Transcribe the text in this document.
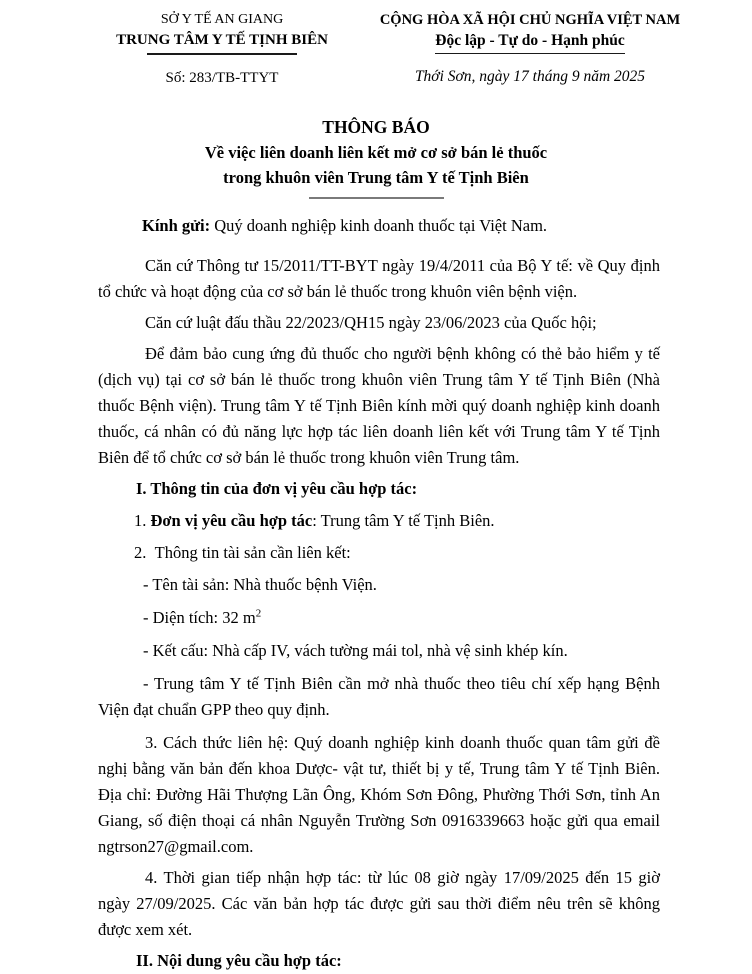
SỞ Y TẾ AN GIANG
TRUNG TÂM Y TẾ TỊNH BIÊN
Số: 283/TB-TTYT
CỘNG HÒA XÃ HỘI CHỦ NGHĨA VIỆT NAM
Độc lập - Tự do - Hạnh phúc
Thới Sơn, ngày 17 tháng 9 năm 2025
THÔNG BÁO
Về việc liên doanh liên kết mở cơ sở bán lẻ thuốc
trong khuôn viên Trung tâm Y tế Tịnh Biên

Kính gửi: Quý doanh nghiệp kinh doanh thuốc tại Việt Nam.

Căn cứ Thông tư 15/2011/TT-BYT ngày 19/4/2011 của Bộ Y tế: về Quy định tổ chức và hoạt động của cơ sở bán lẻ thuốc trong khuôn viên bệnh viện.

Căn cứ luật đấu thầu 22/2023/QH15 ngày 23/06/2023 của Quốc hội;

Để đảm bảo cung ứng đủ thuốc cho người bệnh không có thẻ bảo hiểm y tế (dịch vụ) tại cơ sở bán lẻ thuốc trong khuôn viên Trung tâm Y tế Tịnh Biên (Nhà thuốc Bệnh viện). Trung tâm Y tế Tịnh Biên kính mời quý doanh nghiệp kinh doanh thuốc, cá nhân có đủ năng lực hợp tác liên doanh liên kết với Trung tâm Y tế Tịnh Biên để tổ chức cơ sở bán lẻ thuốc trong khuôn viên Trung tâm.

I. Thông tin của đơn vị yêu cầu hợp tác:

1. Đơn vị yêu cầu hợp tác: Trung tâm Y tế Tịnh Biên.

2.  Thông tin tài sản cần liên kết:

- Tên tài sản: Nhà thuốc bệnh Viện.

- Diện tích: 32 $m^2$

- Kết cấu: Nhà cấp IV, vách tường mái tol, nhà vệ sinh khép kín.

- Trung tâm Y tế Tịnh Biên cần mở nhà thuốc theo tiêu chí xếp hạng Bệnh Viện đạt chuẩn GPP theo quy định.

3. Cách thức liên hệ: Quý doanh nghiệp kinh doanh thuốc quan tâm gửi đề nghị bằng văn bản đến khoa Dược- vật tư, thiết bị y tế, Trung tâm Y tế Tịnh Biên. Địa chỉ: Đường Hãi Thượng Lãn Ông, Khóm Sơn Đông, Phường Thới Sơn, tỉnh An Giang, số điện thoại cá nhân Nguyễn Trường Sơn 0916339663 hoặc gửi qua email ngtrson27@gmail.com.

4. Thời gian tiếp nhận hợp tác: từ lúc 08 giờ ngày 17/09/2025 đến 15 giờ ngày 27/09/2025. Các văn bản hợp tác được gửi sau thời điểm nêu trên sẽ không được xem xét.

II. Nội dung yêu cầu hợp tác:
